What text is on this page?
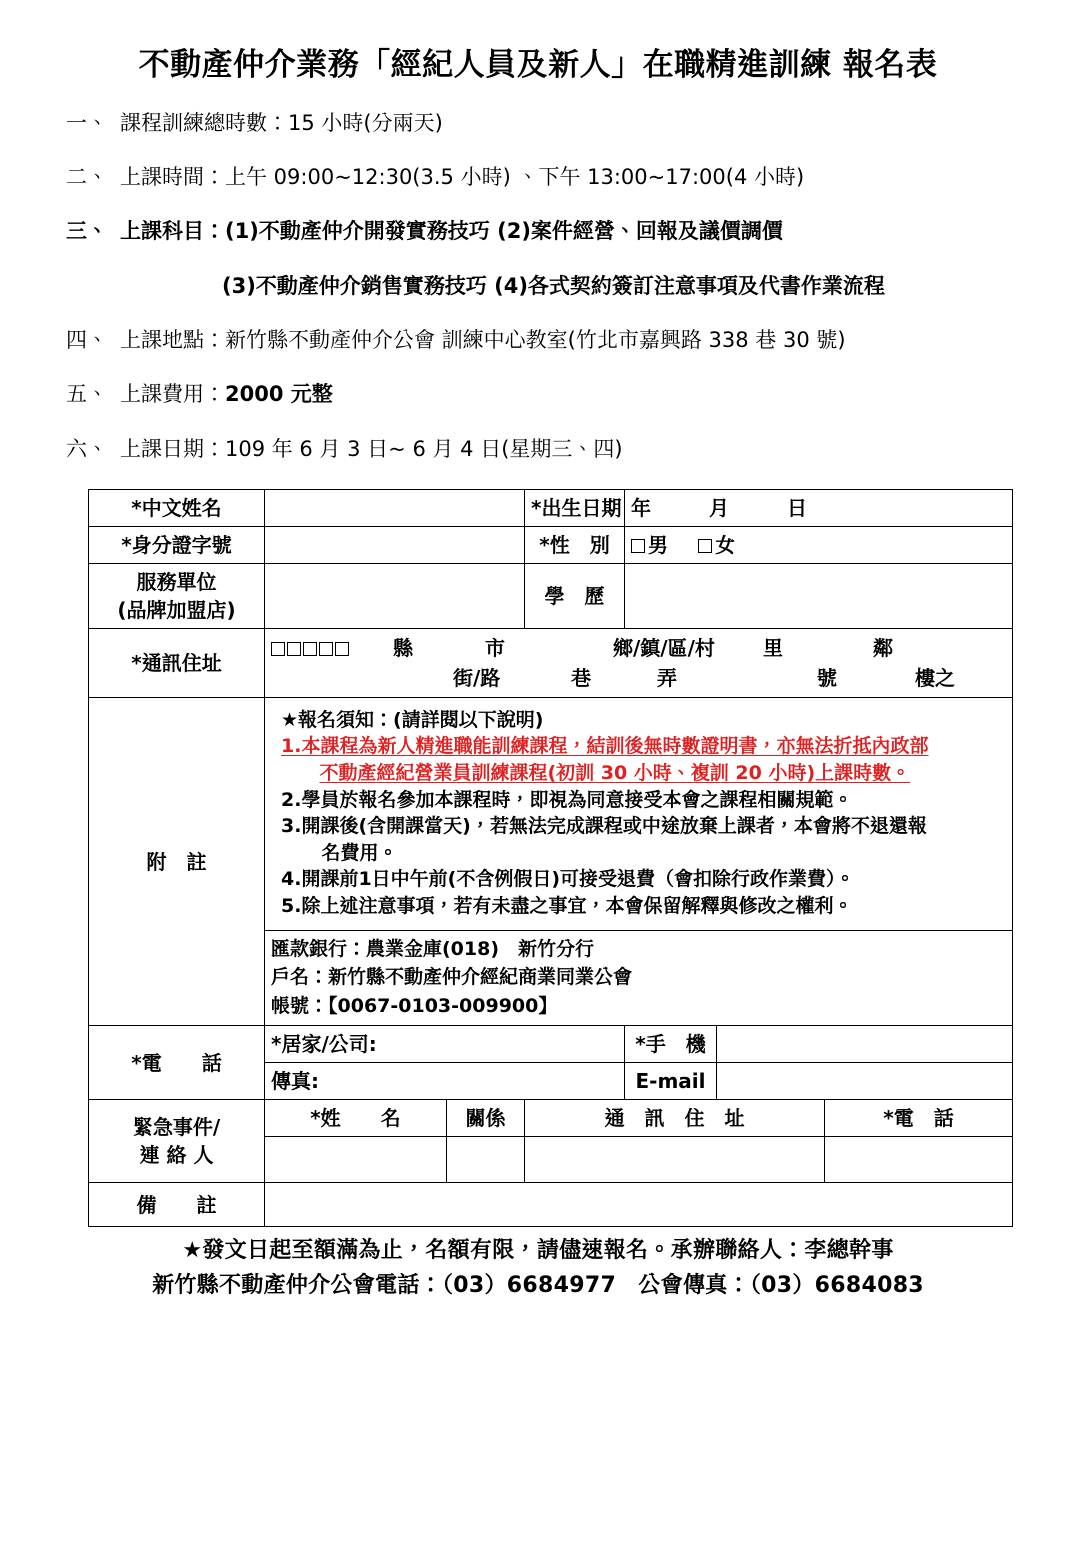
不動產仲介業務「經紀人員及新人」在職精進訓練 報名表
一、 課程訓練總時數：15 小時(分兩天)
二、 上課時間：上午 09:00~12:30(3.5 小時) 、下午 13:00~17:00(4 小時)
三、 上課科目：(1)不動產仲介開發實務技巧 (2)案件經營、回報及議價調價
(3)不動產仲介銷售實務技巧 (4)各式契約簽訂注意事項及代書作業流程
四、 上課地點：新竹縣不動產仲介公會 訓練中心教室(竹北市嘉興路 338 巷 30 號)
五、 上課費用：2000 元整
六、 上課日期：109 年 6 月 3 日~ 6 月 4 日(星期三、四)
*中文姓名			*出生日期	年 月 日		
*身分證字號			*性　別	男 女		

服務單位
(品牌加盟店)			學　歷			
*通訊住址	
縣	市	鄉/鎮/區/村	里	鄰
街/路	巷	弄	號	樓之

附　註	
★報名須知：(請詳閱以下說明)
1. 本課程為新人精進職能訓練課程，結訓後無時數證明書，亦無法折抵內政部
不動產經紀營業員訓練課程(初訓 30 小時、複訓 20 小時)上課時數。
2. 學員於報名參加本課程時，即視為同意接受本會之課程相關規範。
3. 開課後(含開課當天)，若無法完成課程或中途放棄上課者，本會將不退還報
名費用。
4. 開課前1日中午前(不含例假日)可接受退費（會扣除行政作業費）。
5. 除上述注意事項，若有未盡之事宜，本會保留解釋與修改之權利。

	匯款銀行：農業金庫(018)　新竹分行
戶名：新竹縣不動產仲介經紀商業同業公會
帳號：【0067-0103-009900】					

*電　　話	*居家/公司:			*手　機		
	傳真:			E-mail		

緊急事件/
連 絡 人	*姓　　名	關係	通　訊　住　址			*電　話

備　　註						
★發文日起至額滿為止，名額有限，請儘速報名。承辦聯絡人：李總幹事
新竹縣不動產仲介公會電話：（03）6684977　公會傳真：（03）6684083
